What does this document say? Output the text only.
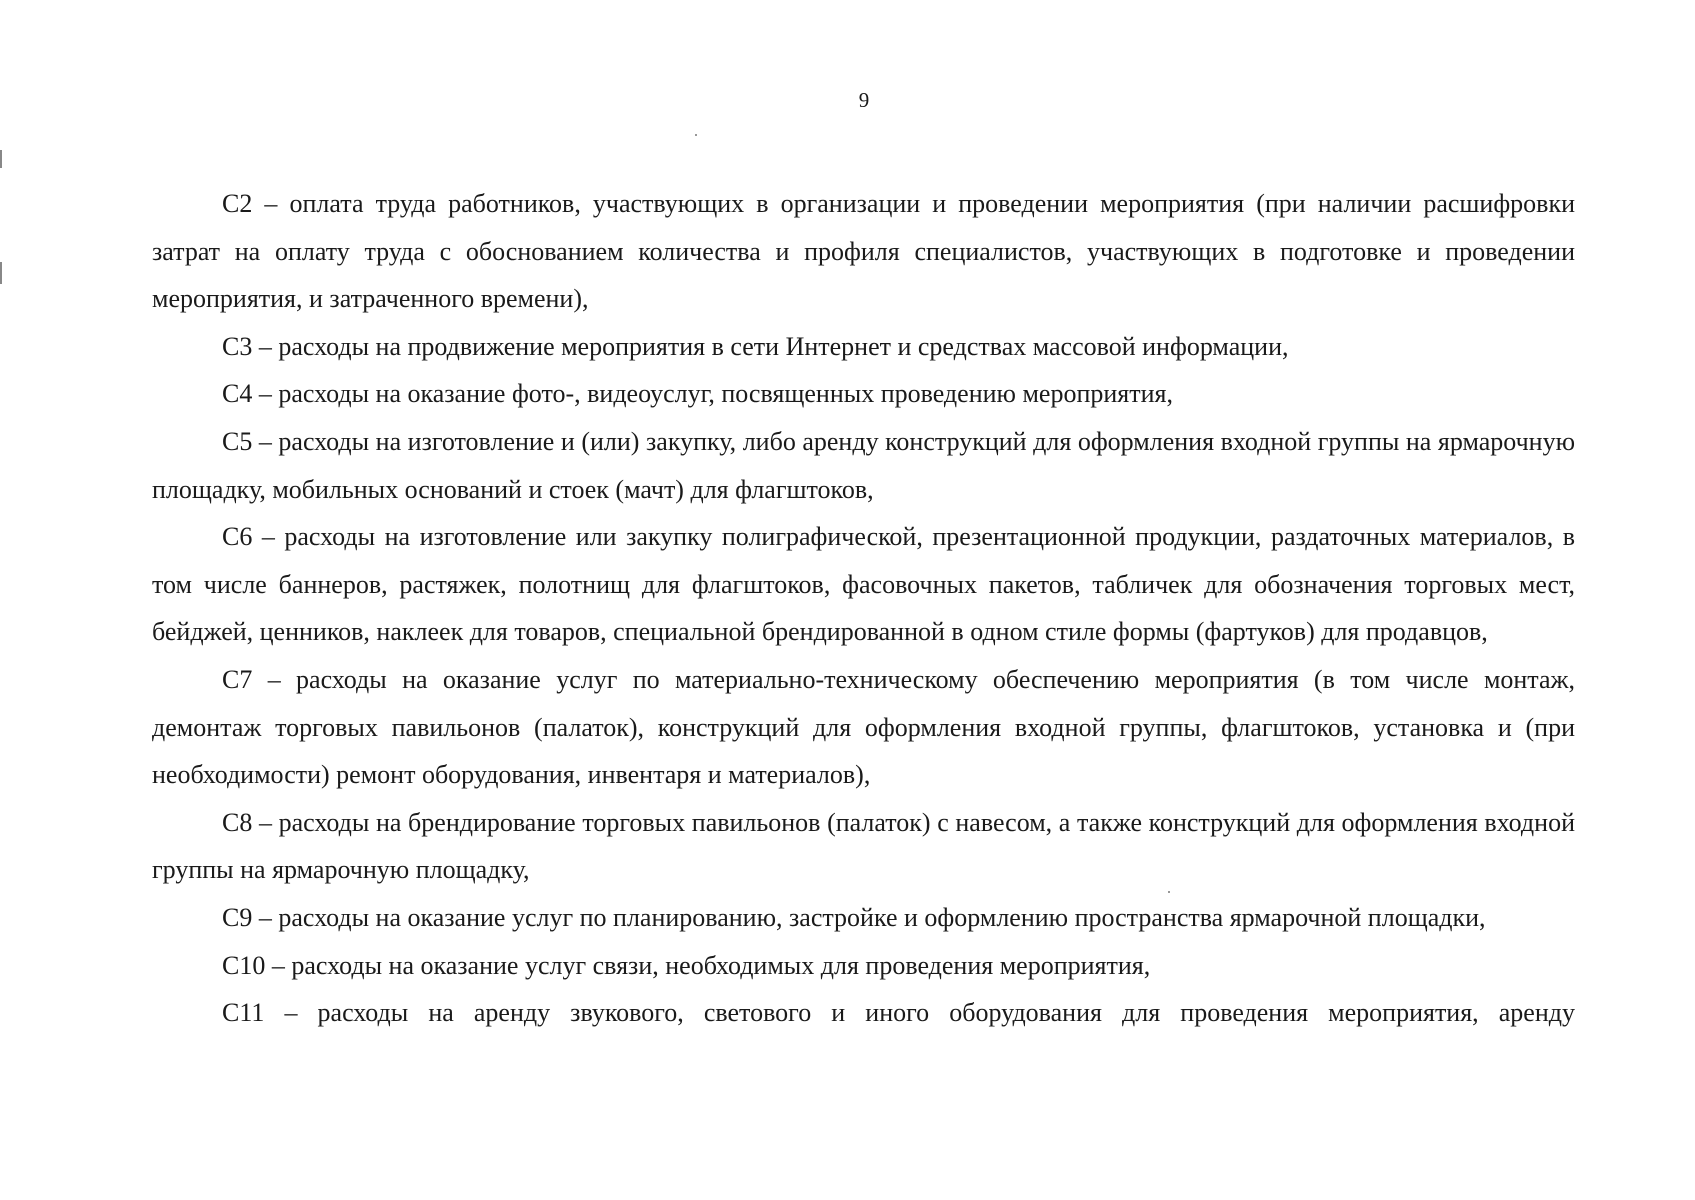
9

С2 – оплата труда работников, участвующих в организации и проведении мероприятия (при наличии расшифровки затрат на оплату труда с обоснованием количества и профиля специалистов, участвующих в подготовке и проведении мероприятия, и затраченного времени),

С3 – расходы на продвижение мероприятия в сети Интернет и средствах массовой информации,

С4 – расходы на оказание фото-, видеоуслуг, посвященных проведению мероприятия,

С5 – расходы на изготовление и (или) закупку, либо аренду конструкций для оформления входной группы на ярмарочную площадку, мобильных оснований и стоек (мачт) для флагштоков,

С6 – расходы на изготовление или закупку полиграфической, презентационной продукции, раздаточных материалов, в том числе баннеров, растяжек, полотнищ для флагштоков, фасовочных пакетов, табличек для обозначения торговых мест, бейджей, ценников, наклеек для товаров, специальной брендированной в одном стиле формы (фартуков) для продавцов,

С7 – расходы на оказание услуг по материально-техническому обеспечению мероприятия (в том числе монтаж, демонтаж торговых павильонов (палаток), конструкций для оформления входной группы, флагштоков, установка и (при необходимости) ремонт оборудования, инвентаря и материалов),

С8 – расходы на брендирование торговых павильонов (палаток) с навесом, а также конструкций для оформления входной группы на ярмарочную площадку,

С9 – расходы на оказание услуг по планированию, застройке и оформлению пространства ярмарочной площадки,

С10 – расходы на оказание услуг связи, необходимых для проведения мероприятия,

С11 – расходы на аренду звукового, светового и иного оборудования для проведения мероприятия, аренду
